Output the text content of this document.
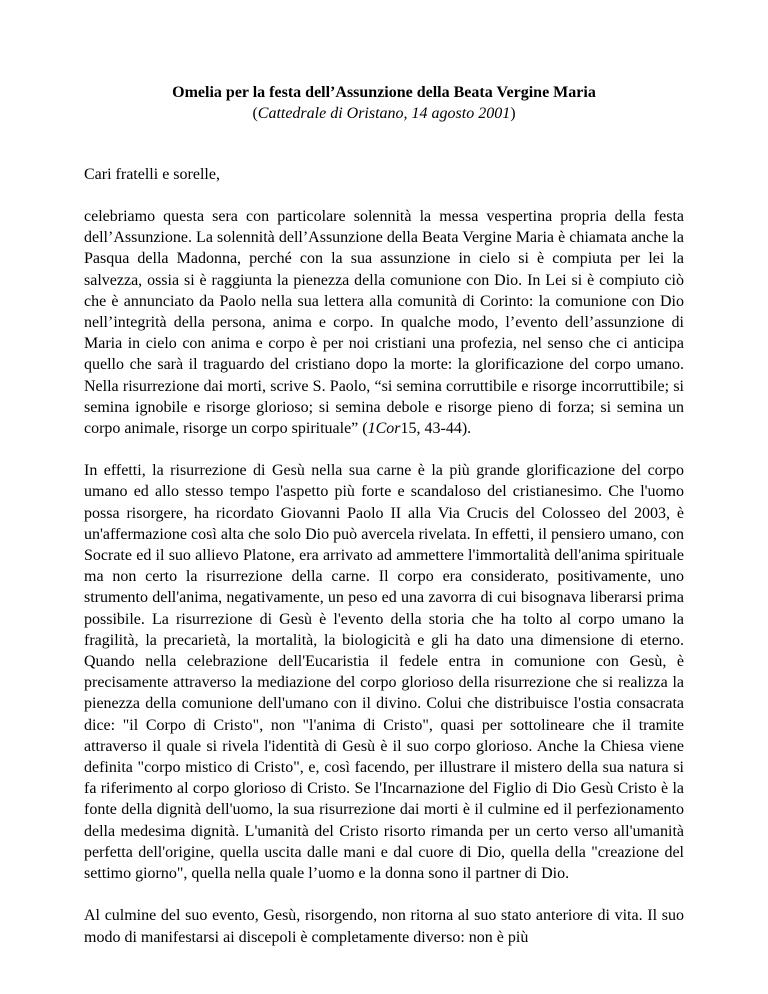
Omelia per la festa dell’Assunzione della Beata Vergine Maria

(Cattedrale di Oristano, 14 agosto 2001)

Cari fratelli e sorelle,

celebriamo questa sera con particolare solennità la messa vespertina propria della festa dell’Assunzione. La solennità dell’Assunzione della Beata Vergine Maria è chiamata anche la Pasqua della Madonna, perché con la sua assunzione in cielo si è compiuta per lei la salvezza, ossia si è raggiunta la pienezza della comunione con Dio. In Lei si è compiuto ciò che è annunciato da Paolo nella sua lettera alla comunità di Corinto: la comunione con Dio nell’integrità della persona, anima e corpo. In qualche modo, l’evento dell’assunzione di Maria in cielo con anima e corpo è per noi cristiani una profezia, nel senso che ci anticipa quello che sarà il traguardo del cristiano dopo la morte: la glorificazione del corpo umano. Nella risurrezione dai morti, scrive S. Paolo, “si semina corruttibile e risorge incorruttibile; si semina ignobile e risorge glorioso; si semina debole e risorge pieno di forza; si semina un corpo animale, risorge un corpo spirituale” (1Cor15, 43-44).

In effetti, la risurrezione di Gesù nella sua carne è la più grande glorificazione del corpo umano ed allo stesso tempo l'aspetto più forte e scandaloso del cristianesimo. Che l'uomo possa risorgere, ha ricordato Giovanni Paolo II alla Via Crucis del Colosseo del 2003, è un'affermazione così alta che solo Dio può avercela rivelata. In effetti, il pensiero umano, con Socrate ed il suo allievo Platone, era arrivato ad ammettere l'immortalità dell'anima spirituale ma non certo la risurrezione della carne. Il corpo era considerato, positivamente, uno strumento dell'anima, negativamente, un peso ed una zavorra di cui bisognava liberarsi prima possibile. La risurrezione di Gesù è l'evento della storia che ha tolto al corpo umano la fragilità, la precarietà, la mortalità, la biologicità e gli ha dato una dimensione di eterno. Quando nella celebrazione dell'Eucaristia il fedele entra in comunione con Gesù, è precisamente attraverso la mediazione del corpo glorioso della risurrezione che si realizza la pienezza della comunione dell'umano con il divino. Colui che distribuisce l'ostia consacrata dice: "il Corpo di Cristo", non "l'anima di Cristo", quasi per sottolineare che il tramite attraverso il quale si rivela l'identità di Gesù è il suo corpo glorioso. Anche la Chiesa viene definita "corpo mistico di Cristo", e, così facendo, per illustrare il mistero della sua natura si fa riferimento al corpo glorioso di Cristo. Se l'Incarnazione del Figlio di Dio Gesù Cristo è la fonte della dignità dell'uomo, la sua risurrezione dai morti è il culmine ed il perfezionamento della medesima dignità. L'umanità del Cristo risorto rimanda per un certo verso all'umanità perfetta dell'origine, quella uscita dalle mani e dal cuore di Dio, quella della "creazione del settimo giorno", quella nella quale l’uomo e la donna sono il partner di Dio.

Al culmine del suo evento, Gesù, risorgendo, non ritorna al suo stato anteriore di vita. Il suo modo di manifestarsi ai discepoli è completamente diverso: non è più
